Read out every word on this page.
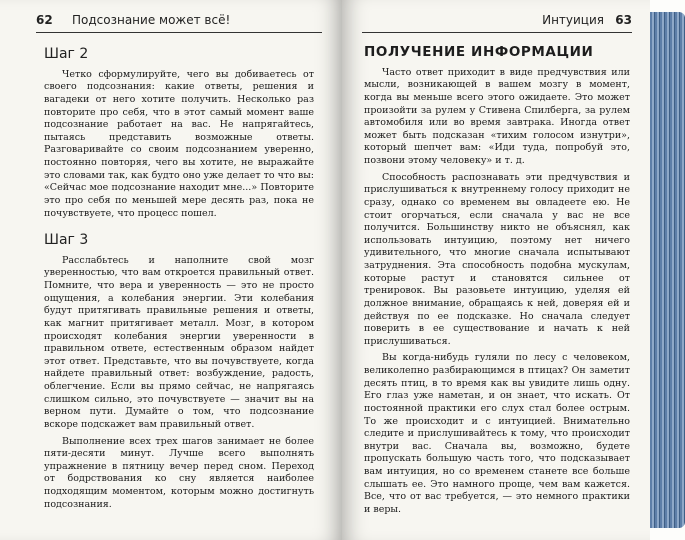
62 Подсознание может всё!
Шаг 2

Четко сформулируйте, чего вы добиваетесь от своего подсознания: какие ответы, решения и вагадеки от него хотите получить. Несколько раз повторите про себя, что в этот самый момент ваше подсознание работает на вас. Не напрягайтесь, пытаясь представить возможные ответы. Разговаривайте со своим подсознанием уверенно, постоянно повторяя, чего вы хотите, не выражайте это словами так, как будто оно уже делает то что вы: «Сейчас мое подсознание находит мне...» Повторите это про себя по меньшей мере десять раз, пока не почувствуете, что процесс пошел.

Шаг 3

Расслабьтесь и наполните свой мозг уверенностью, что вам откроется правильный ответ. Помните, что вера и уверенность — это не просто ощущения, а колебания энергии. Эти колебания будут притягивать правильные решения и ответы, как магнит притягивает металл. Мозг, в котором происходят колебания энергии уверенности в правильном ответе, естественным образом найдет этот ответ. Представьте, что вы почувствуете, когда найдете правильный ответ: возбуждение, радость, облегчение. Если вы прямо сейчас, не напрягаясь слишком сильно, это почувствуете — значит вы на верном пути. Думайте о том, что подсознание вскоре подскажет вам правильный ответ.

Выполнение всех трех шагов занимает не более пяти-десяти минут. Лучше всего выполнять упражнение в пятницу вечер перед сном. Переход от бодрствования ко сну является наиболее подходящим моментом, которым можно достигнуть подсознания.

Интуиция 63
ПОЛУЧЕНИЕ ИНФОРМАЦИИ

Часто ответ приходит в виде предчувствия или мысли, возникающей в вашем мозгу в момент, когда вы меньше всего этого ожидаете. Это может произойти за рулем у Стивена Спилберга, за рулем автомобиля или во время завтрака. Иногда ответ может быть подсказан «тихим голосом изнутри», который шепчет вам: «Иди туда, попробуй это, позвони этому человеку» и т. д.

Способность распознавать эти предчувствия и прислушиваться к внутреннему голосу приходит не сразу, однако со временем вы овладеете ею. Не стоит огорчаться, если сначала у вас не все получится. Большинству никто не объяснял, как использовать интуицию, поэтому нет ничего удивительного, что многие сначала испытывают затруднения. Эта способность подобна мускулам, которые растут и становятся сильнее от тренировок. Вы разовьете интуицию, уделяя ей должное внимание, обращаясь к ней, доверяя ей и действуя по ее подсказке. Но сначала следует поверить в ее существование и начать к ней прислушиваться.

Вы когда-нибудь гуляли по лесу с человеком, великолепно разбирающимся в птицах? Он заметит десять птиц, в то время как вы увидите лишь одну. Его глаз уже наметан, и он знает, что искать. От постоянной практики его слух стал более острым. То же происходит и с интуицией. Внимательно следите и прислушивайтесь к тому, что происходит внутри вас. Сначала вы, возможно, будете пропускать большую часть того, что подсказывает вам интуиция, но со временем станете все больше слышать ее. Это намного проще, чем вам кажется. Все, что от вас требуется, — это немного практики и веры.
